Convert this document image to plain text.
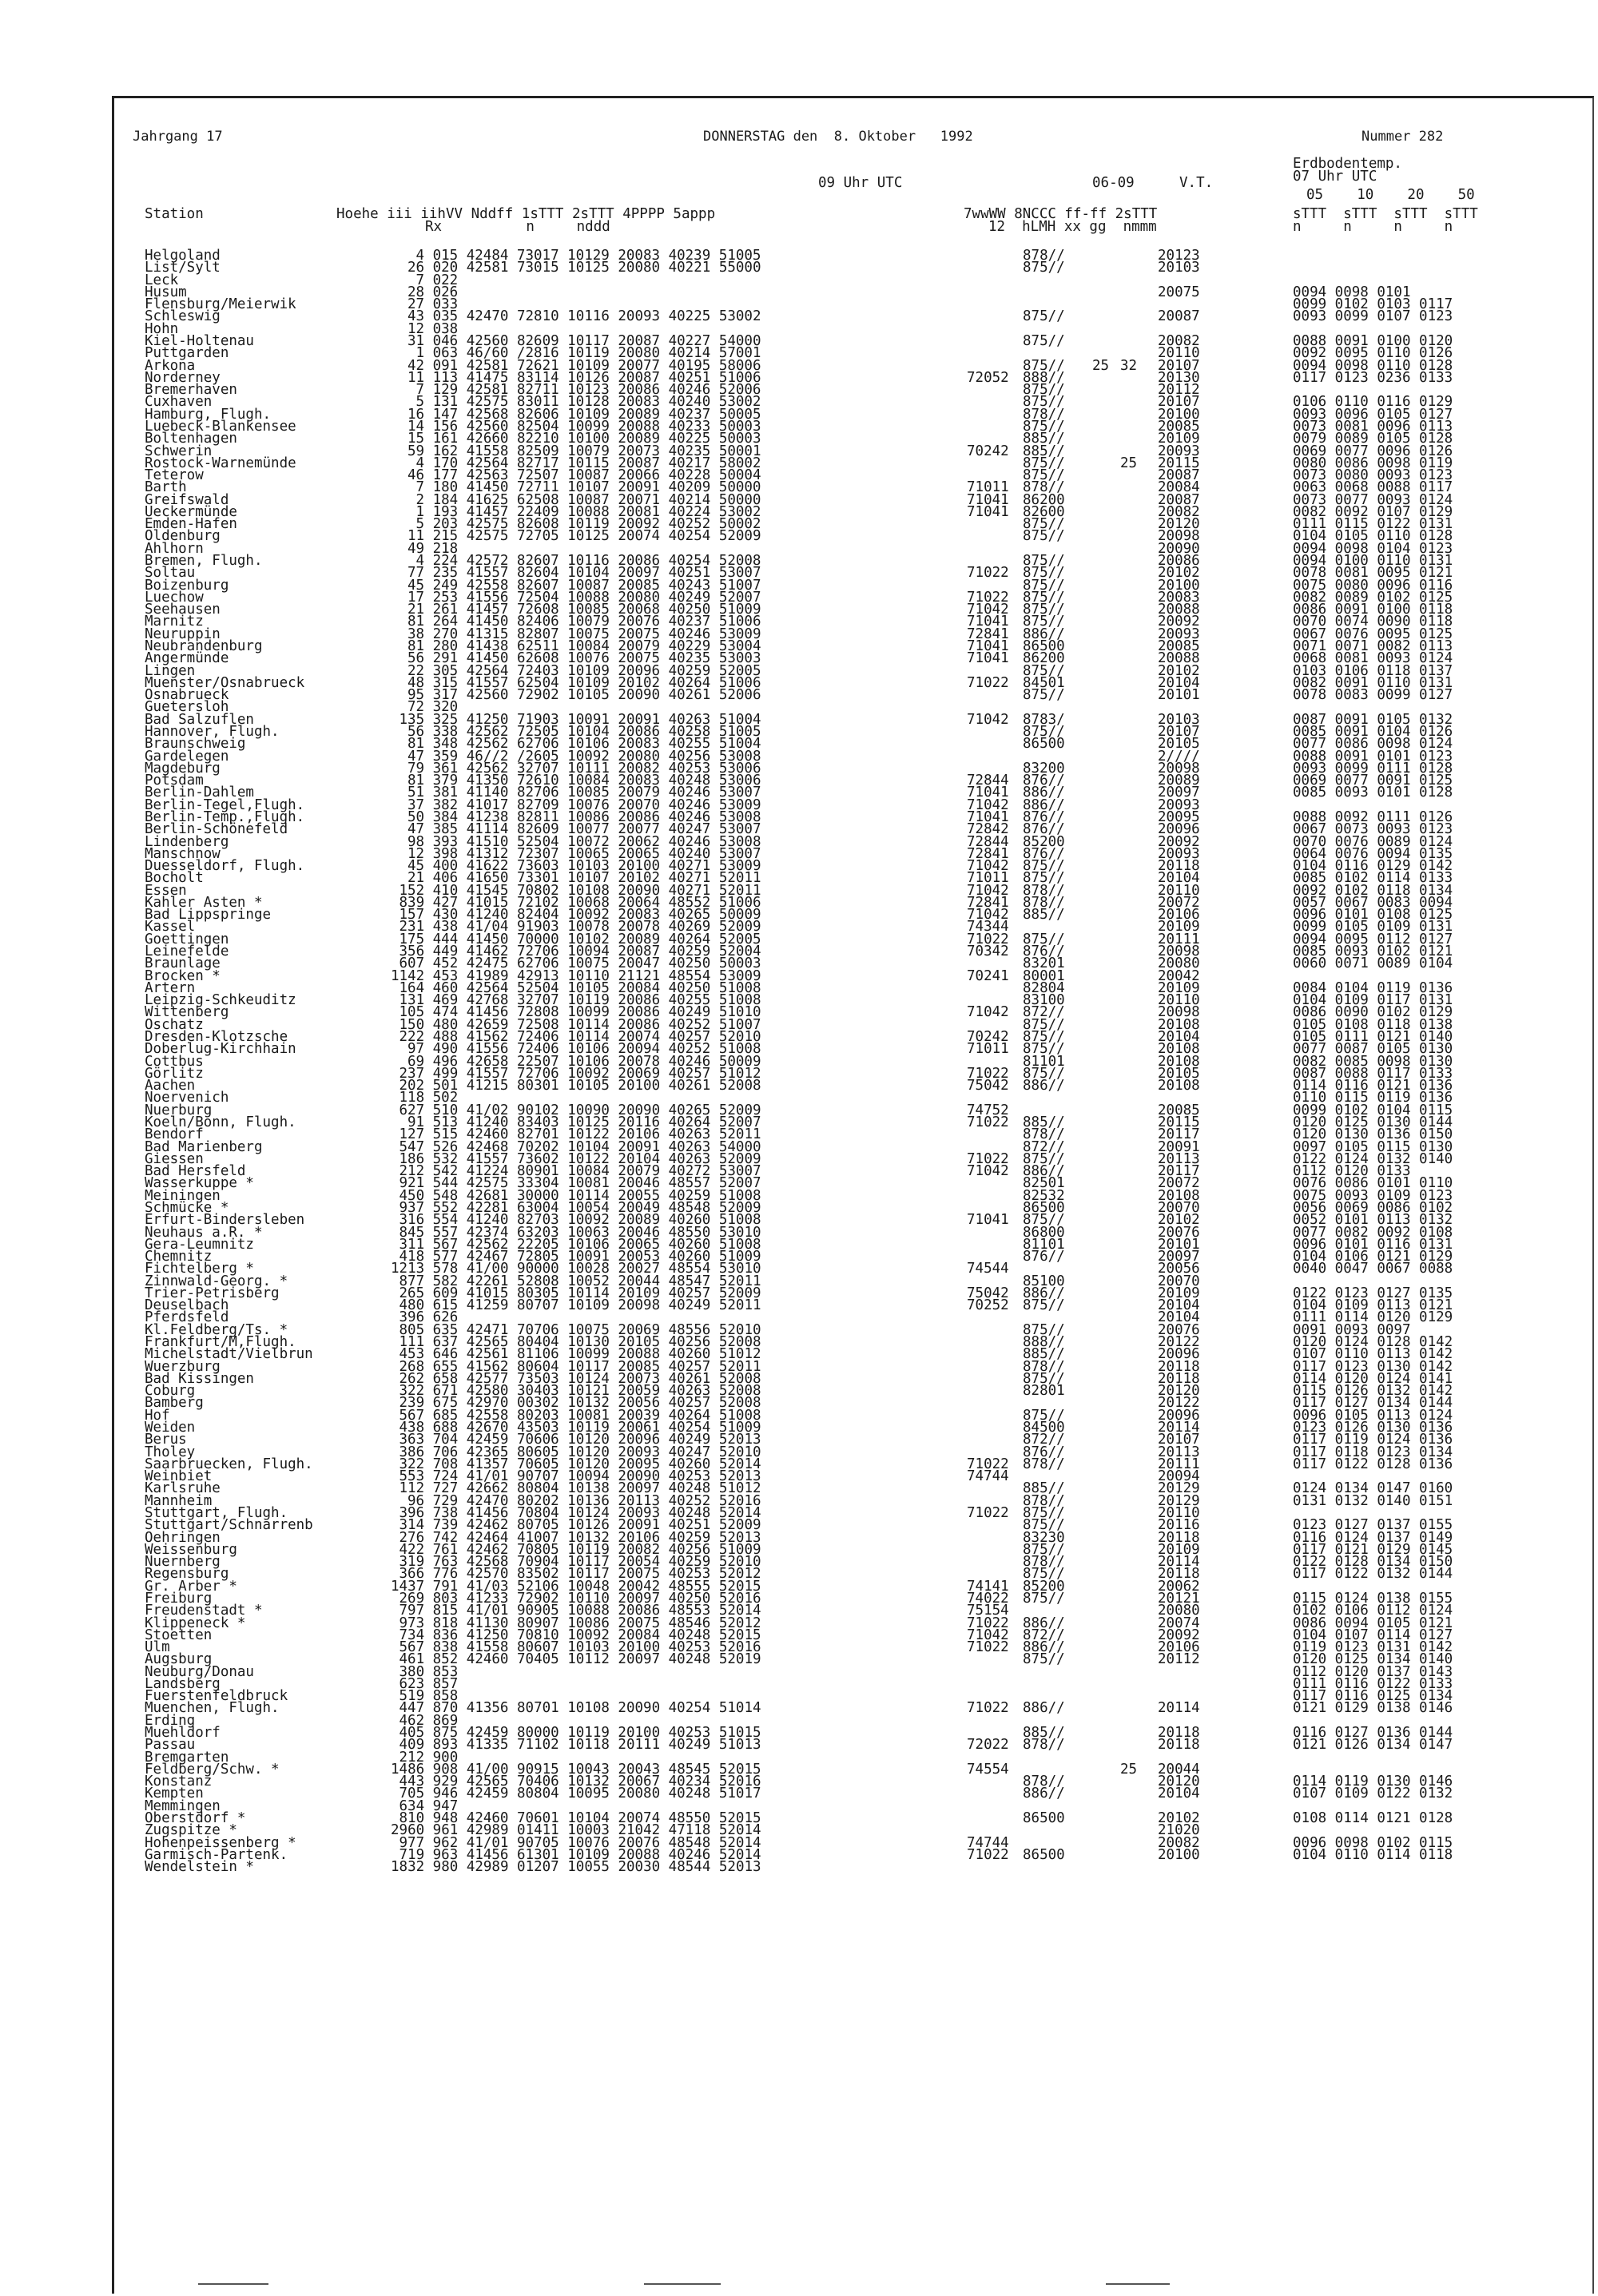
Jahrgang 17	DONNERSTAG den  8. Oktober   1992	Nummer 282
Erdbodentemp.
07 Uhr UTC
09 Uhr UTC	06-09	V.T.
05    10    20    50
Station	Hoehe iii iihVV Nddff 1sTTT 2sTTT 4PPPP 5appp	7wwWW 8NCCC ff-ff 2sTTT	sTTT  sTTT  sTTT  sTTT
Rx          n     nddd	12  hLMH xx gg  nmmm	n     n     n     n
Helgoland	4 015 42484 73017 10129 20083 40239 51005	878//	20123
List/Sylt	26 020 42581 73015 10125 20080 40221 55000	875//	20103
Leck	7 022
Husum	28 026	20075	0094 0098 0101
Flensburg/Meierwik	27 033	0099 0102 0103 0117
Schleswig	43 035 42470 72810 10116 20093 40225 53002	875//	20087	0093 0099 0107 0123
Hohn	12 038
Kiel-Holtenau	31 046 42560 82609 10117 20087 40227 54000	875//	20082	0088 0091 0100 0120
Puttgarden	1 063 46/60 /2816 10119 20080 40214 57001	20110	0092 0095 0110 0126
Arkona	42 091 42581 72621 10109 20077 40195 58006	875// 25 32 20107	0094 0098 0110 0128
Norderney	11 113 41475 83114 10126 20087 40251 51006	72052 888//	20130	0117 0123 0236 0133
Bremerhaven	7 129 42581 82711 10123 20086 40246 52006	875//	20112
Cuxhaven	5 131 42575 83011 10128 20083 40240 53002	875//	20107	0106 0110 0116 0129
Hamburg, Flugh.	16 147 42568 82606 10109 20089 40237 50005	878//	20100	0093 0096 0105 0127
Luebeck-Blankensee	14 156 42560 82504 10099 20088 40233 50003	875//	20085	0073 0081 0096 0113
Boltenhagen	15 161 42660 82210 10100 20089 40225 50003	885//	20109	0079 0089 0105 0128
Schwerin	59 162 41558 82509 10079 20073 40235 50001	70242 885//	20093	0069 0077 0096 0126
Rostock-Warnemünde	4 170 42564 82717 10115 20087 40217 58002	875//	25 20115	0080 0086 0098 0119
Teterow	46 177 42563 72507 10087 20066 40228 50004	875//	20087	0073 0080 0093 0123
Barth	7 180 41450 72711 10107 20091 40209 50000	71011 878//	20084	0063 0068 0088 0117
Greifswald	2 184 41625 62508 10087 20071 40214 50000	71041 86200	20087	0073 0077 0093 0124
Ueckermünde	1 193 41457 22409 10088 20081 40224 53002	71041 82600	20082	0082 0092 0107 0129
Emden-Hafen	5 203 42575 82608 10119 20092 40252 50002	875//	20120	0111 0115 0122 0131
Oldenburg	11 215 42575 72705 10125 20074 40254 52009	875//	20098	0104 0105 0110 0128
Ahlhorn	49 218	20090	0094 0098 0104 0123
Bremen, Flugh.	4 224 42572 82607 10116 20086 40254 52008	875//	20086	0094 0100 0110 0131
Soltau	77 235 41557 82604 10104 20097 40251 53007	71022 875//	20102	0078 0081 0095 0121
Boizenburg	45 249 42558 82607 10087 20085 40243 51007	875//	20100	0075 0080 0096 0116
Luechow	17 253 41556 72504 10088 20080 40249 52007	71022 875//	20083	0082 0089 0102 0125
Seehausen	21 261 41457 72608 10085 20068 40250 51009	71042 875//	20088	0086 0091 0100 0118
Marnitz	81 264 41450 82406 10079 20076 40237 51006	71041 875//	20092	0070 0074 0090 0118
Neuruppin	38 270 41315 82807 10075 20075 40246 53009	72841 886//	20093	0067 0076 0095 0125
Neubrandenburg	81 280 41438 62511 10084 20079 40229 53004	71041 86500	20085	0071 0071 0082 0113
Angermünde	56 291 41450 62608 10076 20075 40235 53003	71041 86200	20088	0068 0081 0093 0124
Lingen	22 305 42564 72403 10109 20096 40259 52005	875//	20102	0103 0106 0118 0137
Muenster/Osnabrueck	48 315 41557 62504 10109 20102 40264 51006	71022 84501	20104	0082 0091 0110 0131
Osnabrueck	95 317 42560 72902 10105 20090 40261 52006	875//	20101	0078 0083 0099 0127
Guetersloh	72 320
Bad Salzuflen	135 325 41250 71903 10091 20091 40263 51004	71042 8783/	20103	0087 0091 0105 0132
Hannover, Flugh.	56 338 42562 72505 10104 20086 40258 51005	875//	20107	0085 0091 0104 0126
Braunschweig	81 348 42562 62706 10106 20083 40255 51004	86500	20105	0077 0086 0098 0124
Gardelegen	47 359 46//2 /2605 10092 20080 40256 53008	2////	0088 0091 0101 0123
Magdeburg	79 361 42562 32707 10111 20082 40253 53006	83200	20098	0093 0099 0111 0128
Potsdam	81 379 41350 72610 10084 20083 40248 53006	72844 876//	20089	0069 0077 0091 0125
Berlin-Dahlem	51 381 41140 82706 10085 20079 40246 53007	71041 886//	20097	0085 0093 0101 0128
Berlin-Tegel,Flugh.	37 382 41017 82709 10076 20070 40246 53009	71042 886//	20093
Berlin-Temp.,Flugh.	50 384 41238 82811 10086 20086 40246 53008	71041 876//	20095	0088 0092 0111 0126
Berlin-Schönefeld	47 385 41114 82609 10077 20077 40247 53007	72842 876//	20096	0067 0073 0093 0123
Lindenberg	98 393 41510 52504 10072 20062 40246 53008	72844 85200	20092	0070 0076 0089 0124
Manschnow	12 398 41312 72307 10065 20065 40240 53007	72841 876//	20093	0064 0076 0094 0135
Duesseldorf, Flugh.	45 400 41622 73603 10103 20100 40271 53009	71042 875//	20118	0104 0116 0129 0142
Bocholt	21 406 41650 73301 10107 20102 40271 52011	71011 875//	20104	0085 0102 0114 0133
Essen	152 410 41545 70802 10108 20090 40271 52011	71042 878//	20110	0092 0102 0118 0134
Kahler Asten *	839 427 41015 72102 10068 20064 48552 51006	72841 878//	20072	0057 0067 0083 0094
Bad Lippspringe	157 430 41240 82404 10092 20083 40265 50009	71042 885//	20106	0096 0101 0108 0125
Kassel	231 438 41/04 91903 10078 20078 40269 52009	74344	20109	0099 0105 0109 0131
Goettingen	175 444 41450 70000 10102 20089 40264 52005	71022 875//	20111	0094 0095 0112 0127
Leinefelde	356 449 41462 72706 10094 20087 40259 52004	70342 876//	20098	0085 0093 0102 0121
Braunlage	607 452 42475 62706 10075 20047 40250 50003	83201	20080	0060 0071 0089 0104
Brocken *	1142 453 41989 42913 10110 21121 48554 53009	70241 80001	20042
Artern	164 460 42564 52504 10105 20084 40250 51008	82804	20109	0084 0104 0119 0136
Leipzig-Schkeuditz	131 469 42768 32707 10119 20086 40255 51008	83100	20110	0104 0109 0117 0131
Wittenberg	105 474 41456 72808 10099 20086 40249 51010	71042 872//	20098	0086 0090 0102 0129
Oschatz	150 480 42659 72508 10114 20086 40252 51007	875//	20108	0105 0108 0118 0138
Dresden-Klotzsche	222 488 41562 72406 10114 20074 40257 52010	70242 875//	20104	0105 0111 0121 0140
Doberlug-Kirchhain	97 490 41556 72406 10106 20094 40252 51008	71011 875//	20108	0077 0087 0105 0130
Cottbus	69 496 42658 22507 10106 20078 40246 50009	81101	20108	0082 0085 0098 0130
Görlitz	237 499 41557 72706 10092 20069 40257 51012	71022 875//	20105	0087 0088 0117 0133
Aachen	202 501 41215 80301 10105 20100 40261 52008	75042 886//	20108	0114 0116 0121 0136
Noervenich	118 502	0110 0115 0119 0136
Nuerburg	627 510 41/02 90102 10090 20090 40265 52009	74752	20085	0099 0102 0104 0115
Koeln/Bonn, Flugh.	91 513 41240 83403 10125 20116 40264 52007	71022 885//	20115	0120 0125 0130 0144
Bendorf	127 515 42460 82701 10122 20106 40263 52011	878//	20117	0120 0130 0136 0150
Bad Marienberg	547 526 42468 70202 10104 20091 40263 54000	872//	20091	0097 0105 0115 0130
Giessen	186 532 41557 73602 10122 20104 40263 52009	71022 875//	20113	0122 0124 0132 0140
Bad Hersfeld	212 542 41224 80901 10084 20079 40272 53007	71042 886//	20117	0112 0120 0133
Wasserkuppe *	921 544 42575 33304 10081 20046 48557 52007	82501	20072	0076 0086 0101 0110
Meiningen	450 548 42681 30000 10114 20055 40259 51008	82532	20108	0075 0093 0109 0123
Schmücke *	937 552 42281 63004 10054 20049 48548 52009	86500	20070	0056 0069 0086 0102
Erfurt-Bindersleben	316 554 41240 82703 10092 20089 40260 51008	71041 875//	20102	0052 0101 0113 0132
Neuhaus a.R. *	845 557 42374 63203 10063 20046 48550 53010	86800	20076	0077 0082 0092 0108
Gera-Leumnitz	311 567 42562 22205 10106 20065 40260 51008	81101	20101	0096 0101 0116 0131
Chemnitz	418 577 42467 72805 10091 20053 40260 51009	876//	20097	0104 0106 0121 0129
Fichtelberg *	1213 578 41/00 90000 10028 20027 48554 53010	74544	20056	0040 0047 0067 0088
Zinnwald-Georg. *	877 582 42261 52808 10052 20044 48547 52011	85100	20070
Trier-Petrisberg	265 609 41015 80305 10114 20109 40257 52009	75042 886//	20109	0122 0123 0127 0135
Deuselbach	480 615 41259 80707 10109 20098 40249 52011	70252 875//	20104	0104 0109 0113 0121
Pferdsfeld	396 626	20104	0111 0114 0120 0129
Kl.Feldberg/Ts. *	805 635 42471 70706 10075 20069 48556 52010	875//	20076	0091 0093 0097
Frankfurt/M,Flugh.	111 637 42565 80404 10130 20105 40256 52008	888//	20122	0120 0124 0128 0142
Michelstadt/Vielbrun	453 646 42561 81106 10099 20088 40260 51012	885//	20096	0107 0110 0113 0142
Wuerzburg	268 655 41562 80604 10117 20085 40257 52011	878//	20118	0117 0123 0130 0142
Bad Kissingen	262 658 42577 73503 10124 20073 40261 52008	875//	20118	0114 0120 0124 0141
Coburg	322 671 42580 30403 10121 20059 40263 52008	82801	20120	0115 0126 0132 0142
Bamberg	239 675 42970 00302 10132 20056 40257 52008	20122	0117 0127 0134 0144
Hof	567 685 42558 80203 10081 20039 40264 51008	875//	20096	0096 0105 0113 0124
Weiden	438 688 42670 43503 10119 20061 40254 51009	84500	20114	0123 0126 0130 0136
Berus	363 704 42459 70606 10120 20096 40249 52013	872//	20107	0117 0119 0124 0136
Tholey	386 706 42365 80605 10120 20093 40247 52010	876//	20113	0117 0118 0123 0134
Saarbruecken, Flugh.	322 708 41357 70605 10120 20095 40260 52014	71022 878//	20111	0117 0122 0128 0136
Weinbiet	553 724 41/01 90707 10094 20090 40253 52013	74744	20094
Karlsruhe	112 727 42662 80804 10138 20097 40248 51012	885//	20129	0124 0134 0147 0160
Mannheim	96 729 42470 80202 10136 20113 40252 52016	878//	20129	0131 0132 0140 0151
Stuttgart, Flugh.	396 738 41456 70804 10124 20093 40248 52014	71022 875//	20110
Stuttgart/Schnarrenb	314 739 42462 80705 10126 20091 40251 52009	875//	20116	0123 0127 0137 0155
Oehringen	276 742 42464 41007 10132 20106 40259 52013	83230	20118	0116 0124 0137 0149
Weissenburg	422 761 42462 70805 10119 20082 40256 51009	875//	20109	0117 0121 0129 0145
Nuernberg	319 763 42568 70904 10117 20054 40259 52010	878//	20114	0122 0128 0134 0150
Regensburg	366 776 42570 83502 10117 20075 40253 52012	875//	20118	0117 0122 0132 0144
Gr. Arber *	1437 791 41/03 52106 10048 20042 48555 52015	74141 85200	20062
Freiburg	269 803 41233 72902 10110 20097 40250 52016	74022 875//	20121	0115 0124 0138 0155
Freudenstadt *	797 815 41/01 90905 10088 20086 48553 52014	75154	20080	0102 0106 0112 0124
Klippeneck *	973 818 41130 80907 10086 20075 48546 52012	71022 886//	20074	0086 0094 0105 0121
Stoetten	734 836 41250 70810 10092 20084 40248 52015	71042 872//	20092	0104 0107 0114 0127
Ulm	567 838 41558 80607 10103 20100 40253 52016	71022 886//	20106	0119 0123 0131 0142
Augsburg	461 852 42460 70405 10112 20097 40248 52019	875//	20112	0120 0125 0134 0140
Neuburg/Donau	380 853	0112 0120 0137 0143
Landsberg	623 857	0111 0116 0122 0133
Fuerstenfeldbruck	519 858	0117 0116 0125 0134
Muenchen, Flugh.	447 870 41356 80701 10108 20090 40254 51014	71022 886//	20114	0121 0129 0138 0146
Erding	462 869
Muehldorf	405 875 42459 80000 10119 20100 40253 51015	885//	20118	0116 0127 0136 0144
Passau	409 893 41335 71102 10118 20111 40249 51013	72022 878//	20118	0121 0126 0134 0147
Bremgarten	212 900
Feldberg/Schw. *	1486 908 41/00 90915 10043 20043 48545 52015	74554	25 20044
Konstanz	443 929 42565 70406 10132 20067 40234 52016	878//	20120	0114 0119 0130 0146
Kempten	705 946 42459 80804 10095 20080 40248 51017	886//	20104	0107 0109 0122 0132
Memmingen	634 947
Oberstdorf *	810 948 42460 70601 10104 20074 48550 52015	86500	20102	0108 0114 0121 0128
Zugspitze *	2960 961 42989 01411 10003 21042 47118 52014	21020
Hohenpeissenberg *	977 962 41/01 90705 10076 20076 48548 52014	74744	20082	0096 0098 0102 0115
Garmisch-Partenk.	719 963 41456 61301 10109 20088 40246 52014	71022 86500	20100	0104 0110 0114 0118
Wendelstein *	1832 980 42989 01207 10055 20030 48544 52013
